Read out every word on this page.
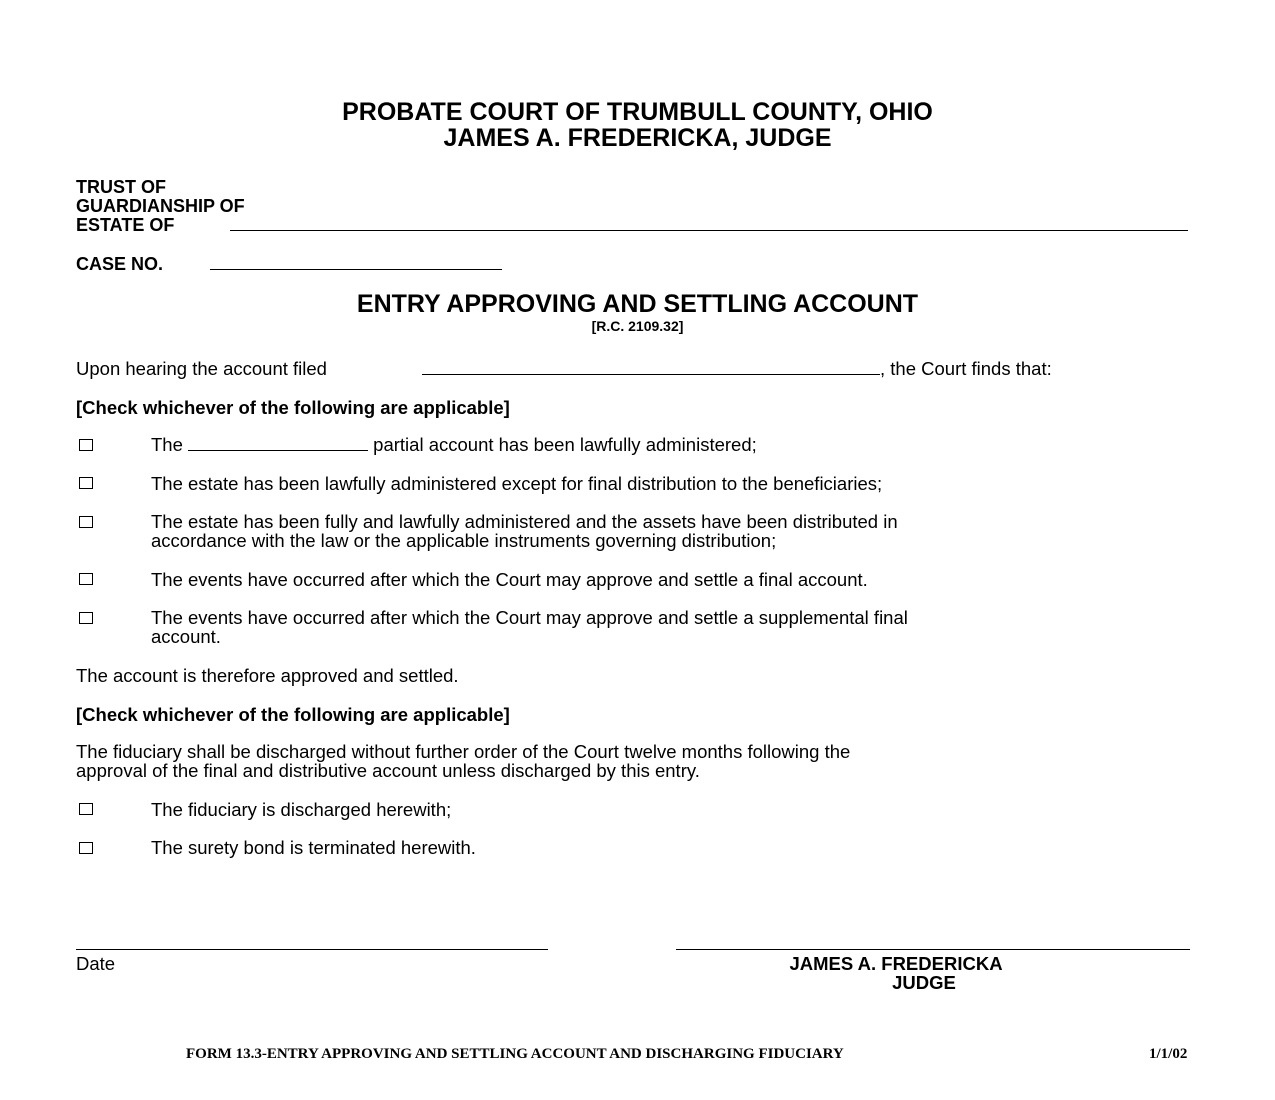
PROBATE COURT OF TRUMBULL COUNTY, OHIO
JAMES A. FREDERICKA, JUDGE
TRUST OF
GUARDIANSHIP OF
ESTATE OF
CASE NO.
ENTRY APPROVING AND SETTLING ACCOUNT
[R.C. 2109.32]
Upon hearing the account filed	, the Court finds that:
[Check whichever of the following are applicable]
The	partial account has been lawfully administered;
The estate has been lawfully administered except for final distribution to the beneficiaries;
The estate has been fully and lawfully administered and the assets have been distributed in
accordance with the law or the applicable instruments governing distribution;
The events have occurred after which the Court may approve and settle a final account.
The events have occurred after which the Court may approve and settle a supplemental final
account.
The account is therefore approved and settled.
[Check whichever of the following are applicable]
The fiduciary shall be discharged without further order of the Court twelve months following the
approval of the final and distributive account unless discharged by this entry.
The fiduciary is discharged herewith;
The surety bond is terminated herewith.
Date	JAMES A. FREDERICKA
JUDGE
FORM 13.3-ENTRY APPROVING AND SETTLING ACCOUNT AND DISCHARGING FIDUCIARY	1/1/02
